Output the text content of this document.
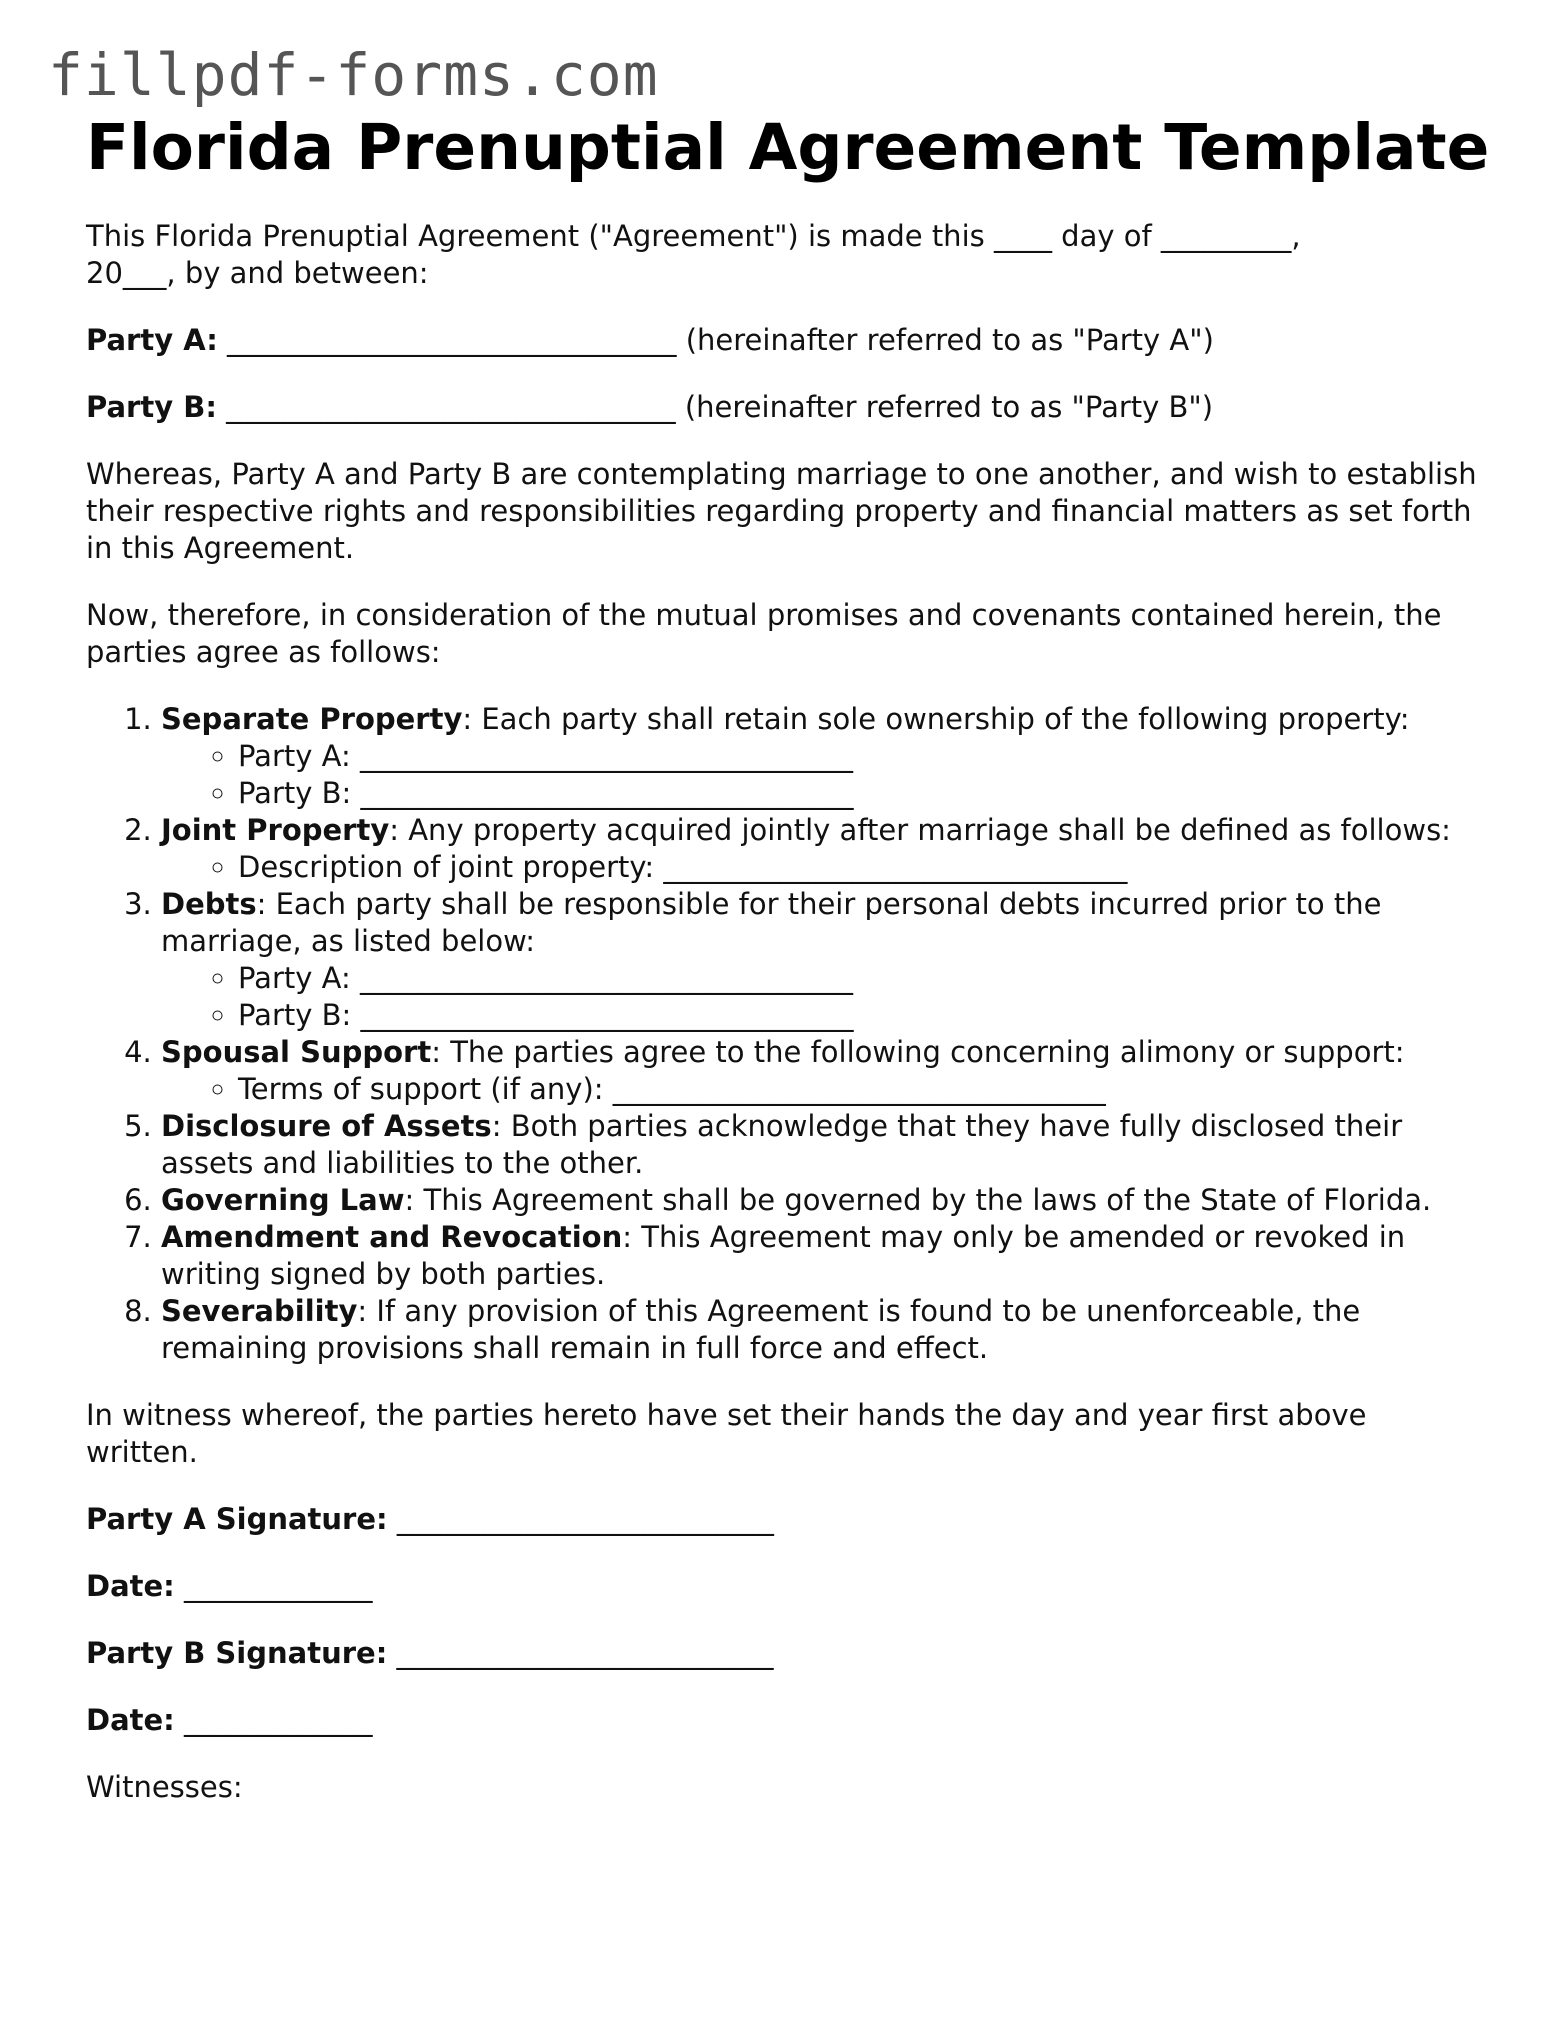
fillpdf-forms.com
Florida Prenuptial Agreement Template

This Florida Prenuptial Agreement ("Agreement") is made this ____ day of _________,
20___, by and between:

Party A: _______________________________ (hereinafter referred to as "Party A")

Party B: _______________________________ (hereinafter referred to as "Party B")

Whereas, Party A and Party B are contemplating marriage to one another, and wish to establish their respective rights and responsibilities regarding property and financial matters as set forth in this Agreement.

Now, therefore, in consideration of the mutual promises and covenants contained herein, the parties agree as follows:

1. Separate Property: Each party shall retain sole ownership of the following property:
◦ Party A: __________________________________
◦ Party B: __________________________________
2. Joint Property: Any property acquired jointly after marriage shall be defined as follows:
◦ Description of joint property: ________________________________
3. Debts: Each party shall be responsible for their personal debts incurred prior to the marriage, as listed below:
◦ Party A: __________________________________
◦ Party B: __________________________________
4. Spousal Support: The parties agree to the following concerning alimony or support:
◦ Terms of support (if any): __________________________________
5. Disclosure of Assets: Both parties acknowledge that they have fully disclosed their assets and liabilities to the other.
6. Governing Law: This Agreement shall be governed by the laws of the State of Florida.
7. Amendment and Revocation: This Agreement may only be amended or revoked in writing signed by both parties.
8. Severability: If any provision of this Agreement is found to be unenforceable, the remaining provisions shall remain in full force and effect.

In witness whereof, the parties hereto have set their hands the day and year first above written.

Party A Signature: __________________________

Date: _____________

Party B Signature: __________________________

Date: _____________

Witnesses:
